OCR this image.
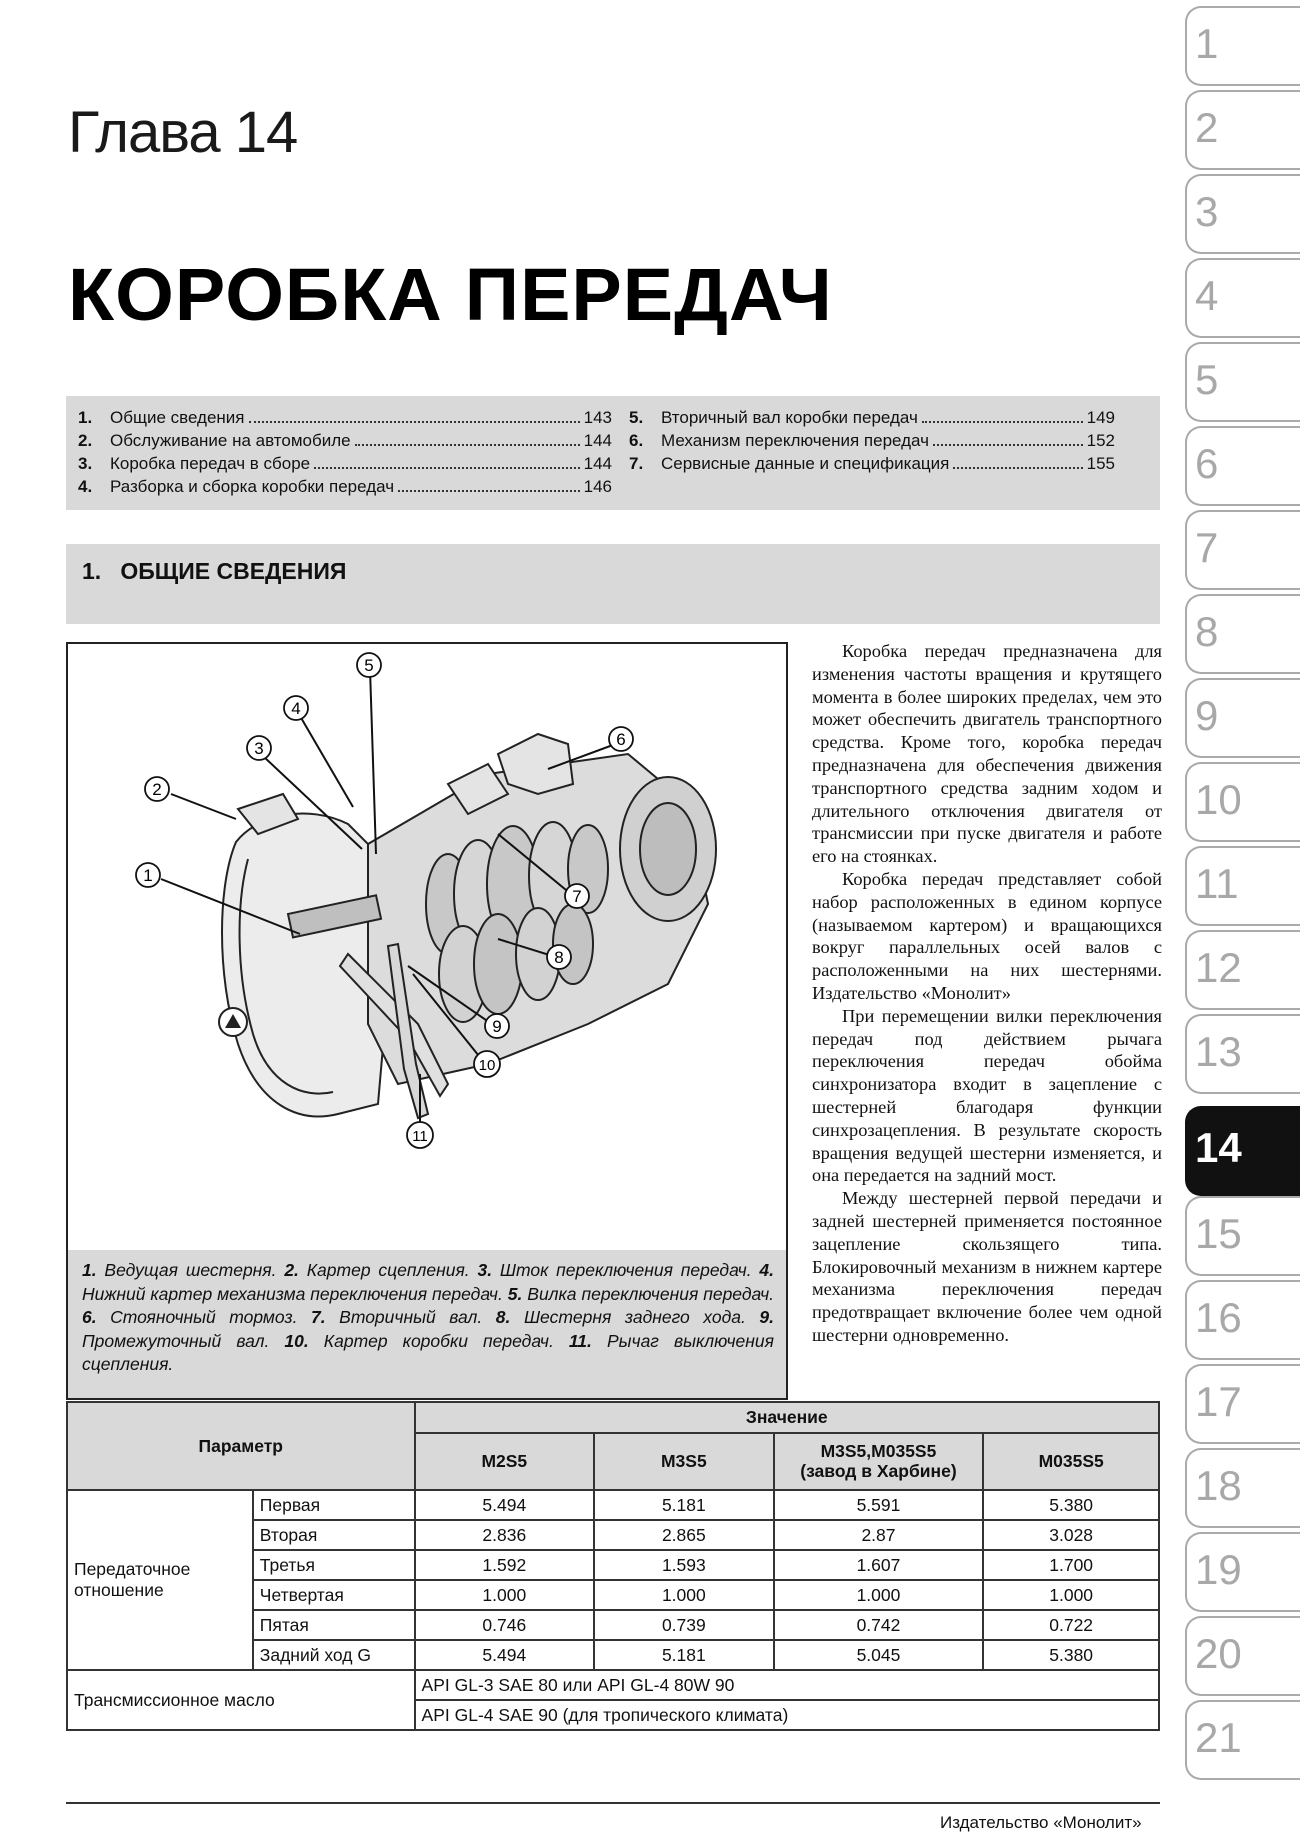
Глава 14
КОРОБКА ПЕРЕДАЧ
1.	Общие сведения	143
2.	Обслуживание на автомобиле	144
3.	Коробка передач в сборе	144
4.	Разборка и сборка коробки передач	146
5.	Вторичный вал коробки передач	149
6.	Механизм переключения передач	152
7.	Сервисные данные и спецификация	155
1.   ОБЩИЕ СВЕДЕНИЯ
1
2
3
4
5
6
7
8
9
10
11
1. Ведущая шестерня. 2. Картер сцепления. 3. Шток переключения передач. 4. Нижний картер механизма переключения передач. 5. Вилка переключения передач. 6. Стояночный тормоз. 7. Вторичный вал. 8. Шестерня заднего хода. 9. Промежуточный вал. 10. Картер коробки передач. 11. Рычаг выключения сцепления.

Коробка передач предназначена для изменения частоты вращения и крутящего момента в более широких пределах, чем это может обеспечить двигатель транспортного средства. Кроме того, коробка передач предназначена для обеспечения движения транспортного средства задним ходом и длительного отключения двигателя от трансмиссии при пуске двигателя и работе его на стоянках.

Коробка передач представляет собой набор расположенных в едином корпусе (называемом картером) и вращающихся вокруг параллельных осей валов с расположенными на них шестернями. Издательство «Монолит»

При перемещении вилки переключения передач под действием рычага переключения передач обойма синхронизатора входит в зацепление с шестерней благодаря функции синхрозацепления. В результате скорость вращения ведущей шестерни изменяется, и она передается на задний мост.

Между шестерней первой передачи и задней шестерней применяется постоянное зацепление скользящего типа. Блокировочный механизм в нижнем картере механизма переключения передач предотвращает включение более чем одной шестерни одновременно.

Параметр		Значение			
		M2S5	M3S5	M3S5,M035S5
(завод в Харбине)	M035S5
Передаточное отношение	Первая	5.494	5.181	5.591	5.380
	Вторая	2.836	2.865	2.87	3.028
	Третья	1.592	1.593	1.607	1.700
	Четвертая	1.000	1.000	1.000	1.000
	Пятая	0.746	0.739	0.742	0.722
	Задний ход G	5.494	5.181	5.045	5.380
Трансмиссионное масло		API GL-3 SAE 80 или API GL-4 80W 90			
		API GL-4 SAE 90 (для тропического климата)			
1
2
3
4
5
6
7
8
9
10
11
12
13
14
15
16
17
18
19
20
21
Издательство «Монолит»
